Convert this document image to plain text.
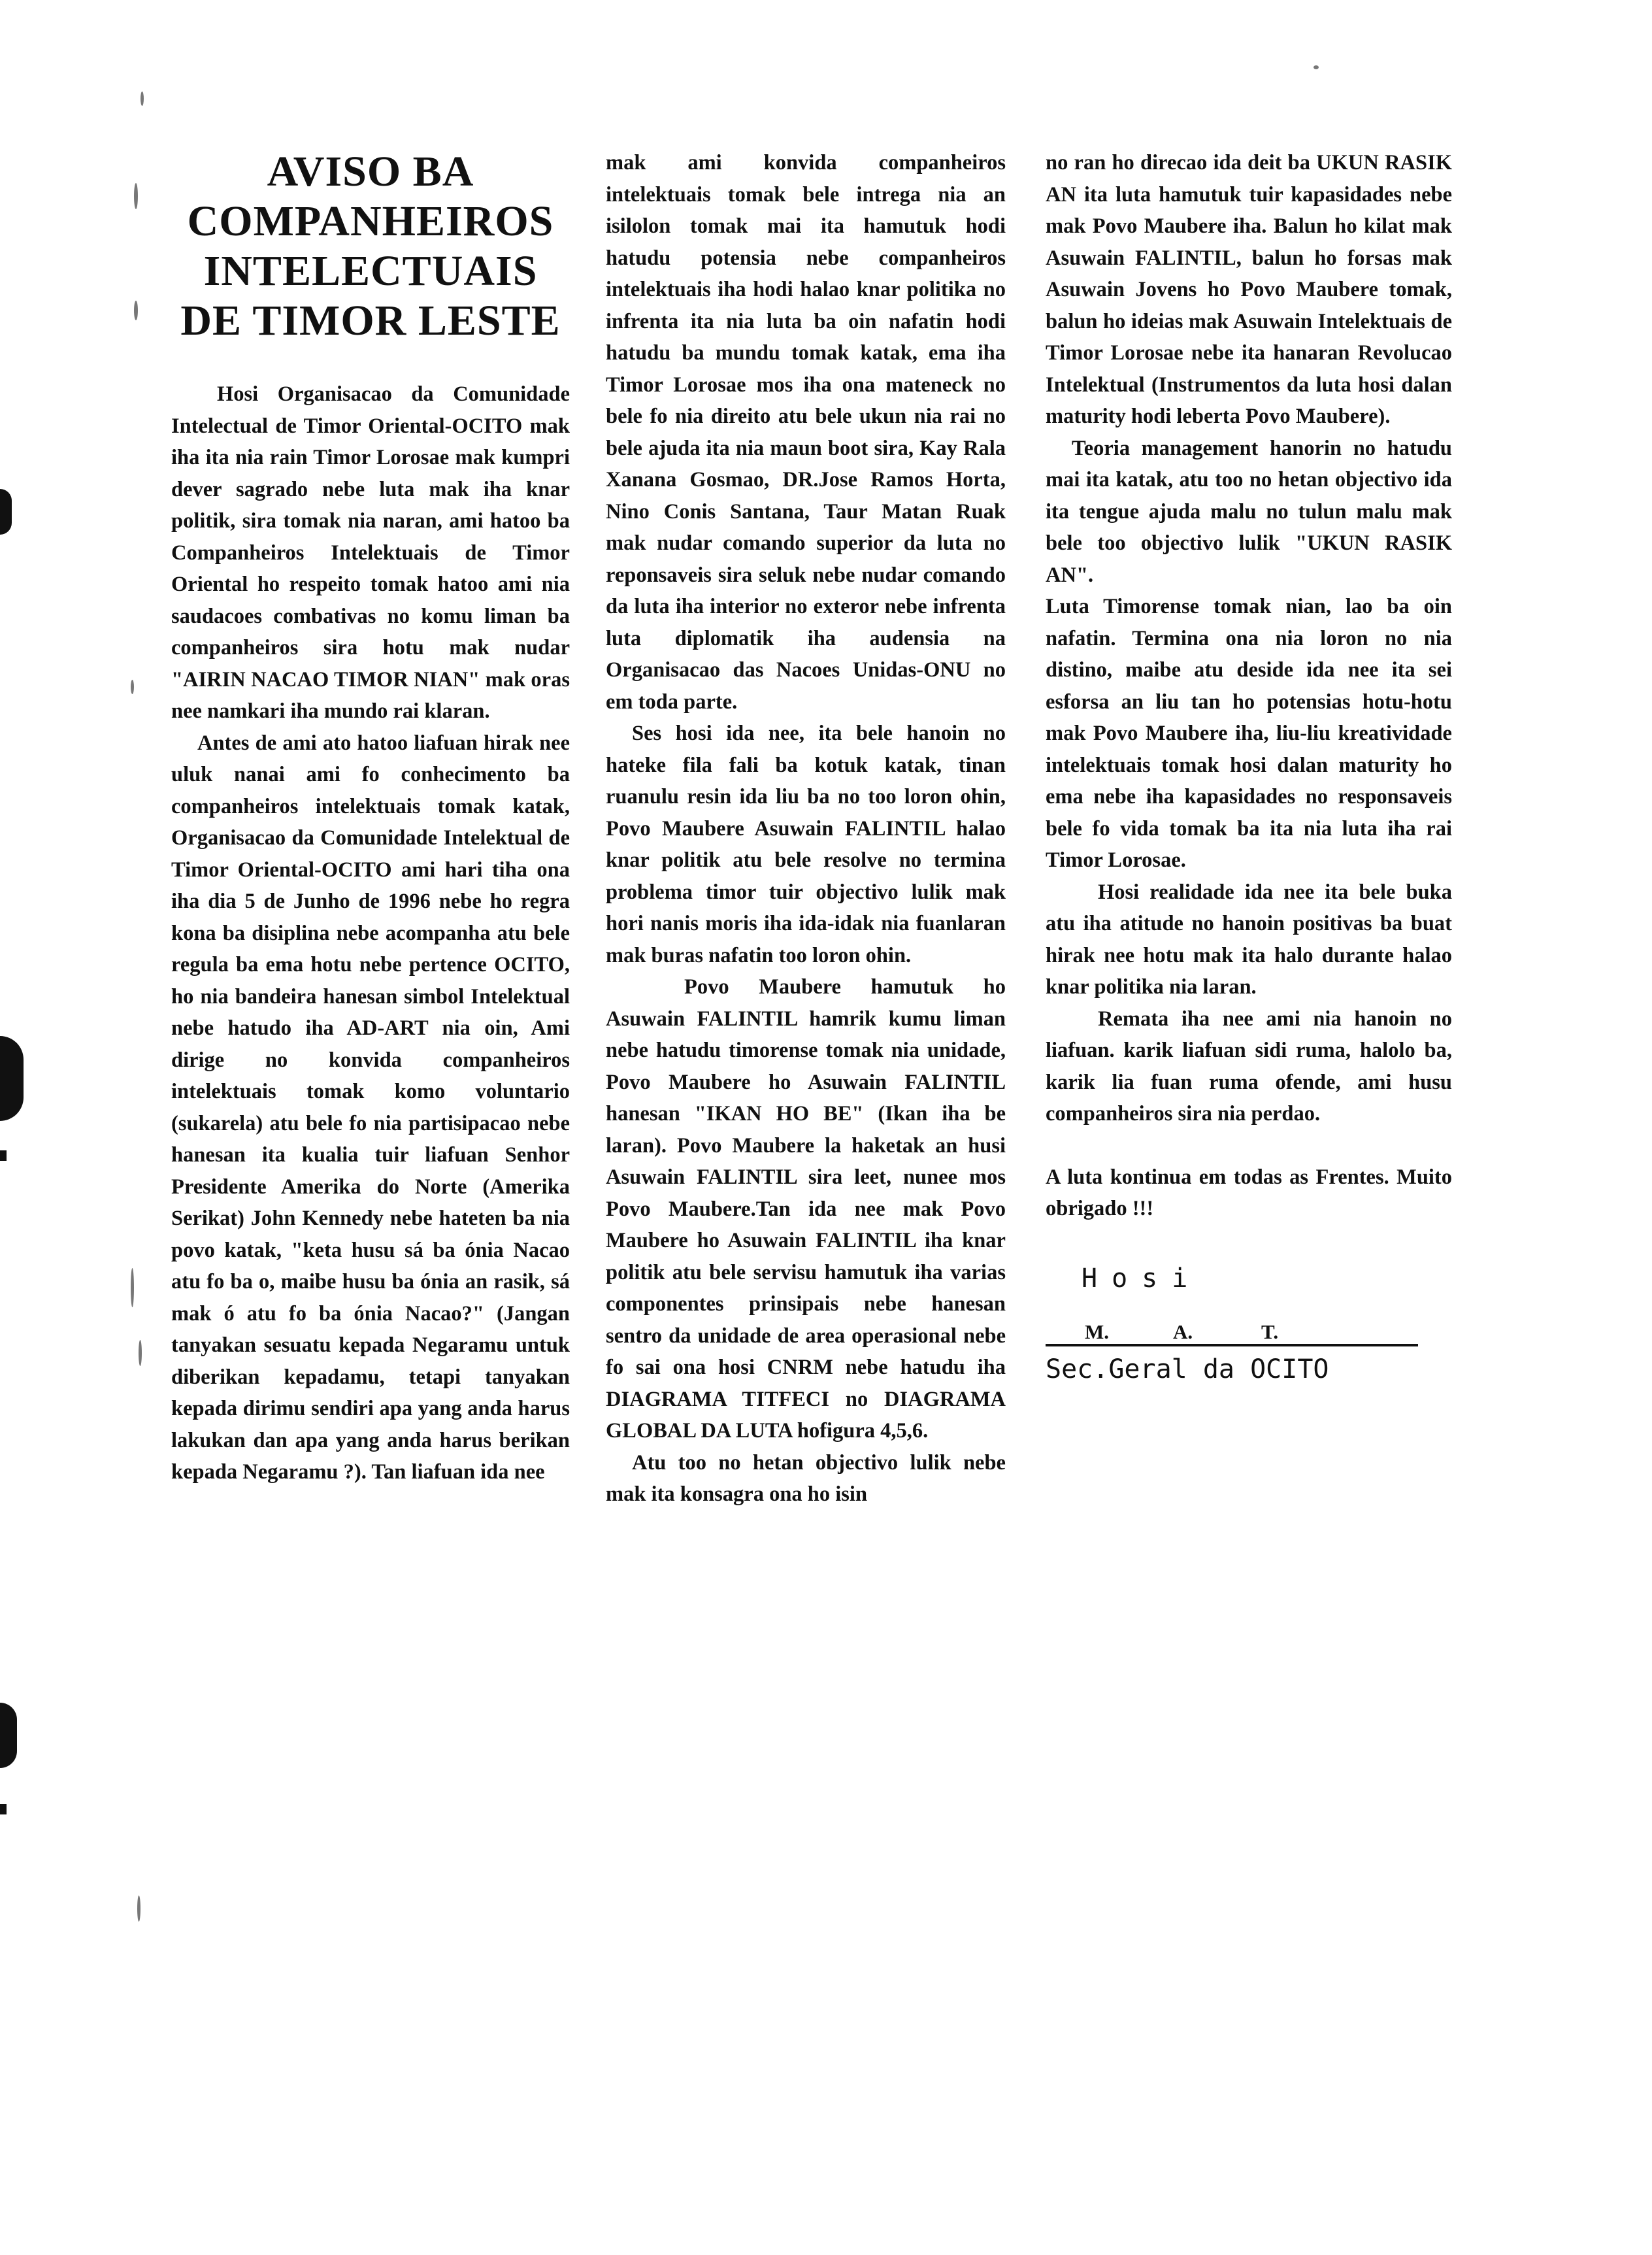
AVISO BA
COMPANHEIROS
INTELECTUAIS
DE TIMOR LESTE

Hosi Organisacao da Comunidade Intelectual de Timor Oriental-OCITO mak iha ita nia rain Timor Lorosae mak kumpri dever sagrado nebe luta mak iha knar politik, sira tomak nia naran, ami hatoo ba Companheiros Intelektuais de Timor Oriental ho respeito tomak hatoo ami nia saudacoes combativas no komu liman ba companheiros sira hotu mak nudar "AIRIN NACAO TIMOR NIAN" mak oras nee namkari iha mundo rai klaran.

Antes de ami ato hatoo liafuan hirak nee uluk nanai ami fo conhecimento ba companheiros intelektuais tomak katak, Organisacao da Comunidade Intelektual de Timor Oriental-OCITO ami hari tiha ona iha dia 5 de Junho de 1996 nebe ho regra kona ba disiplina nebe acompanha atu bele regula ba ema hotu nebe pertence OCITO, ho nia bandeira hanesan simbol Intelektual nebe hatudo iha AD-ART nia oin, Ami dirige no konvida companheiros intelektuais tomak komo voluntario (sukarela) atu bele fo nia partisipacao nebe hanesan ita kualia tuir liafuan Senhor Presidente Amerika do Norte (Amerika Serikat) John Kennedy nebe hateten ba nia povo katak, "keta husu sá ba ónia Nacao atu fo ba o, maibe husu ba ónia an rasik, sá mak ó atu fo ba ónia Nacao?" (Jangan tanyakan sesuatu kepada Negaramu untuk diberikan kepadamu, tetapi tanyakan kepada dirimu sendiri apa yang anda harus lakukan dan apa yang anda harus berikan kepada Negaramu ?). Tan liafuan ida nee

mak ami konvida companheiros intelektuais tomak bele intrega nia an isilolon tomak mai ita hamutuk hodi hatudu potensia nebe companheiros intelektuais iha hodi halao knar politika no infrenta ita nia luta ba oin nafatin hodi hatudu ba mundu tomak katak, ema iha Timor Lorosae mos iha ona mateneck no bele fo nia direito atu bele ukun nia rai no bele ajuda ita nia maun boot sira, Kay Rala Xanana Gosmao, DR.Jose Ramos Horta, Nino Conis Santana, Taur Matan Ruak mak nudar comando superior da luta no reponsaveis sira seluk nebe nudar comando da luta iha interior no exteror nebe infrenta luta diplomatik iha audensia na Organisacao das Nacoes Unidas-ONU no em toda parte.

Ses hosi ida nee, ita bele hanoin no hateke fila fali ba kotuk katak, tinan ruanulu resin ida liu ba no too loron ohin, Povo Maubere Asuwain FALINTIL halao knar politik atu bele resolve no termina problema timor tuir objectivo lulik mak hori nanis moris iha ida-idak nia fuanlaran mak buras nafatin too loron ohin.

Povo Maubere hamutuk ho Asuwain FALINTIL hamrik kumu liman nebe hatudu timorense tomak nia unidade, Povo Maubere ho Asuwain FALINTIL hanesan "IKAN HO BE" (Ikan iha be laran). Povo Maubere la haketak an husi Asuwain FALINTIL sira leet, nunee mos Povo Maubere.Tan ida nee mak Povo Maubere ho Asuwain FALINTIL iha knar politik atu bele servisu hamutuk iha varias componentes prinsipais nebe hanesan sentro da unidade de area operasional nebe fo sai ona hosi CNRM nebe hatudu iha DIAGRAMA TITFECI no DIAGRAMA GLOBAL DA LUTA hofigura 4,5,6.

Atu too no hetan objectivo lulik nebe mak ita konsagra ona ho isin

no ran ho direcao ida deit ba UKUN RASIK AN ita luta hamutuk tuir kapasidades nebe mak Povo Maubere iha. Balun ho kilat mak Asuwain FALINTIL, balun ho forsas mak Asuwain Jovens ho Povo Maubere tomak, balun ho ideias mak Asuwain Intelektuais de Timor Lorosae nebe ita hanaran Revolucao Intelektual (Instrumentos da luta hosi dalan maturity hodi leberta Povo Maubere).

Teoria management hanorin no hatudu mai ita katak, atu too no hetan objectivo ida ita tengue ajuda malu no tulun malu mak bele too objectivo lulik "UKUN RASIK AN".

Luta Timorense tomak nian, lao ba oin nafatin. Termina ona nia loron no nia distino, maibe atu deside ida nee ita sei esforsa an liu tan ho potensias hotu-hotu mak Povo Maubere iha, liu-liu kreatividade intelektuais tomak hosi dalan maturity ho ema nebe iha kapasidades no responsaveis bele fo vida tomak ba ita nia luta iha rai Timor Lorosae.

Hosi realidade ida nee ita bele buka atu iha atitude no hanoin positivas ba buat hirak nee hotu mak ita halo durante halao knar politika nia laran.

Remata iha nee ami nia hanoin no liafuan. karik liafuan sidi ruma, halolo ba, karik lia fuan ruma ofende, ami husu companheiros sira nia perdao.

A luta kontinua em todas as Frentes. Muito obrigado !!!

Hosi
M.	A.	T.
Sec.Geral da OCITO
